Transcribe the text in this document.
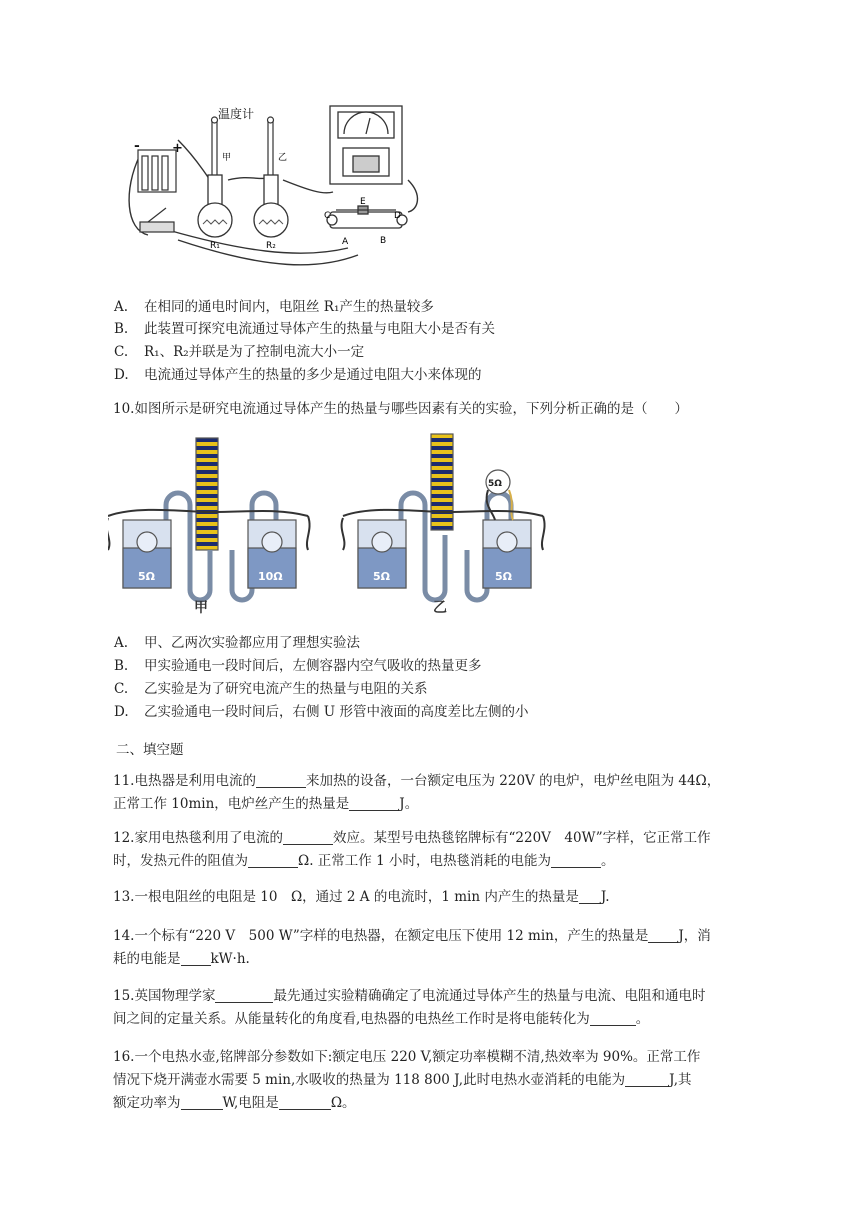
- +
温度计
甲	乙
R₁	R₂
C
E
D
A	B
A. 在相同的通电时间内，电阻丝 R₁产生的热量较多
B. 此装置可探究电流通过导体产生的热量与电阻大小是否有关
C. R₁、R₂并联是为了控制电流大小一定
D. 电流通过导体产生的热量的多少是通过电阻大小来体现的
10.如图所示是研究电流通过导体产生的热量与哪些因素有关的实验，下列分析正确的是（　　）
5Ω	10Ω
甲
5Ω	5Ω
5Ω
乙
A. 甲、乙两次实验都应用了理想实验法
B. 甲实验通电一段时间后，左侧容器内空气吸收的热量更多
C. 乙实验是为了研究电流产生的热量与电阻的关系
D. 乙实验通电一段时间后，右侧 U 形管中液面的高度差比左侧的小
二、填空题
11.电热器是利用电流的	来加热的设备，一台额定电压为 220V 的电炉，电炉丝电阻为 44Ω，
正常工作 10min，电炉丝产生的热量是	J。
12.家用电热毯利用了电流的	效应。某型号电热毯铭牌标有“220V　40W”字样，它正常工作
时，发热元件的阻值为	Ω. 正常工作 1 小时，电热毯消耗的电能为	。
13.一根电阻丝的电阻是 10　Ω，通过 2 A 的电流时，1 min 内产生的热量是 J.
14.一个标有“220 V　500 W”字样的电热器，在额定电压下使用 12 min，产生的热量是 J，消
耗的电能是 kW·h.
15.英国物理学家	最先通过实验精确确定了电流通过导体产生的热量与电流、电阻和通电时
间之间的定量关系。从能量转化的角度看,电热器的电热丝工作时是将电能转化为	。
16.一个电热水壶,铭牌部分参数如下:额定电压 220 V,额定功率模糊不清,热效率为 90%。正常工作
情况下烧开满壶水需要 5 min,水吸收的热量为 118 800 J,此时电热水壶消耗的电能为	J,其
额定功率为	W,电阻是	Ω。
